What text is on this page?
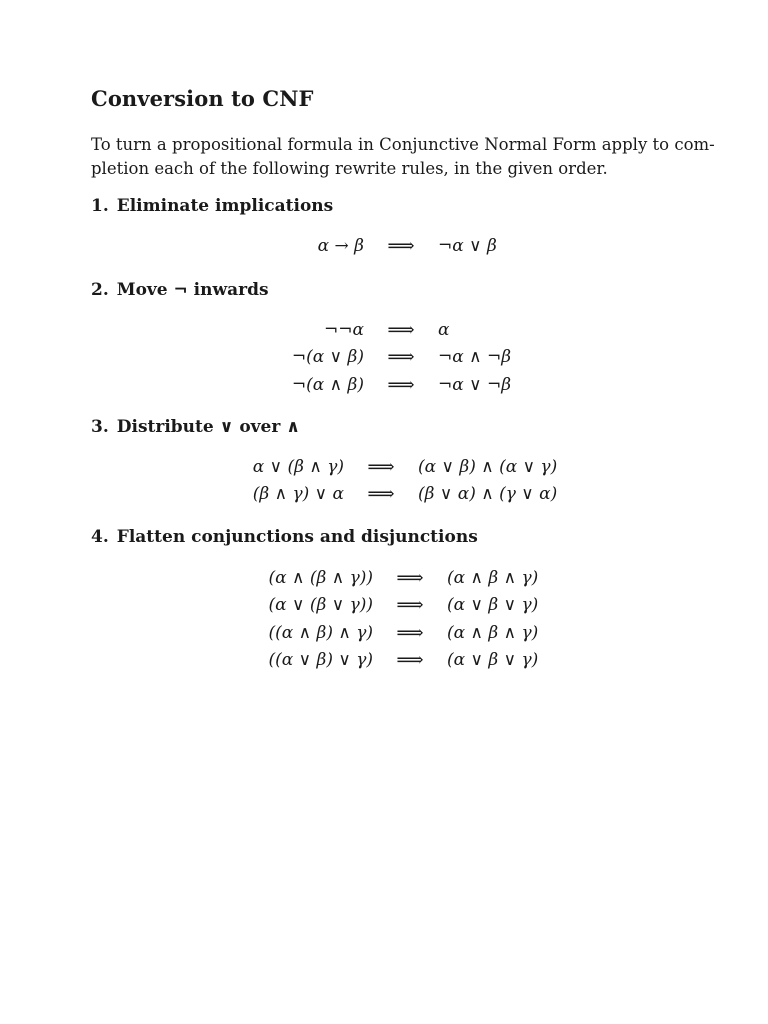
Conversion to CNF
To turn a propositional formula in Conjunctive Normal Form apply to com-
pletion each of the following rewrite rules, in the given order.
1. Eliminate implications
α → β	⟹	¬α ∨ β
2. Move ¬ inwards
¬¬α	⟹	α
¬(α ∨ β)	⟹	¬α ∧ ¬β
¬(α ∧ β)	⟹	¬α ∨ ¬β
3. Distribute ∨ over ∧
α ∨ (β ∧ γ)	⟹	(α ∨ β) ∧ (α ∨ γ)
(β ∧ γ) ∨ α	⟹	(β ∨ α) ∧ (γ ∨ α)
4. Flatten conjunctions and disjunctions
(α ∧ (β ∧ γ))	⟹	(α ∧ β ∧ γ)
(α ∨ (β ∨ γ))	⟹	(α ∨ β ∨ γ)
((α ∧ β) ∧ γ)	⟹	(α ∧ β ∧ γ)
((α ∨ β) ∨ γ)	⟹	(α ∨ β ∨ γ)
